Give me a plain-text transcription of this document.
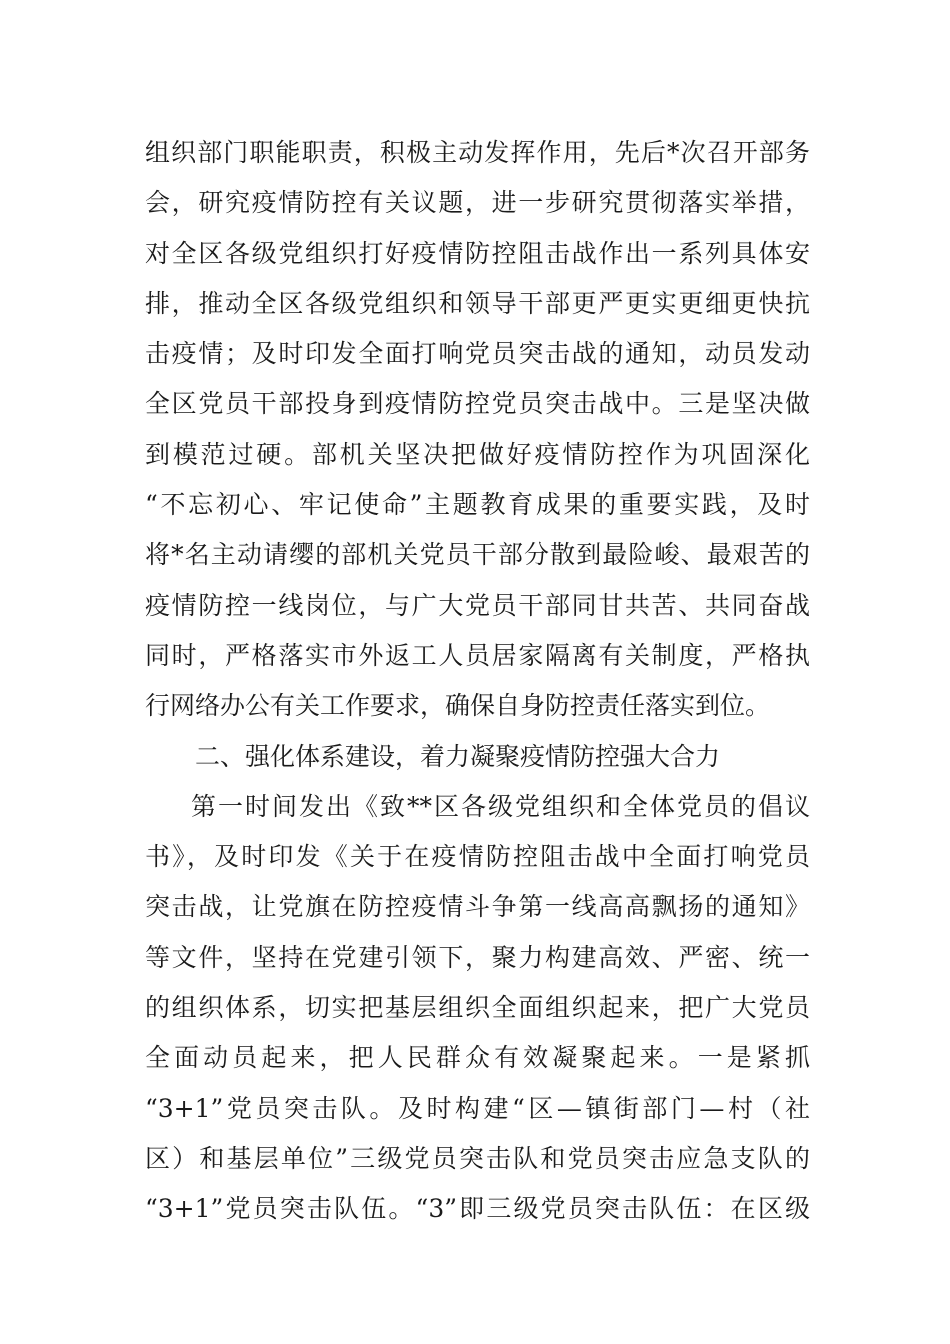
组织部门职能职责，积极主动发挥作用，先后*次召开部务
会，研究疫情防控有关议题，进一步研究贯彻落实举措，
对全区各级党组织打好疫情防控阻击战作出一系列具体安
排，推动全区各级党组织和领导干部更严更实更细更快抗
击疫情；及时印发全面打响党员突击战的通知，动员发动
全区党员干部投身到疫情防控党员突击战中。三是坚决做
到模范过硬。部机关坚决把做好疫情防控作为巩固深化
“不忘初心、牢记使命”主题教育成果的重要实践，及时
将*名主动请缨的部机关党员干部分散到最险峻、最艰苦的
疫情防控一线岗位，与广大党员干部同甘共苦、共同奋战
同时，严格落实市外返工人员居家隔离有关制度，严格执
行网络办公有关工作要求，确保自身防控责任落实到位。
二、强化体系建设，着力凝聚疫情防控强大合力
第一时间发出《致**区各级党组织和全体党员的倡议
书》，及时印发《关于在疫情防控阻击战中全面打响党员
突击战，让党旗在防控疫情斗争第一线高高飘扬的通知》
等文件，坚持在党建引领下，聚力构建高效、严密、统一
的组织体系，切实把基层组织全面组织起来，把广大党员
全面动员起来，把人民群众有效凝聚起来。一是紧抓
“3+1”党员突击队。及时构建“区—镇街部门—村（社
区）和基层单位”三级党员突击队和党员突击应急支队的
“3+1”党员突击队伍。“3”即三级党员突击队伍：在区级
